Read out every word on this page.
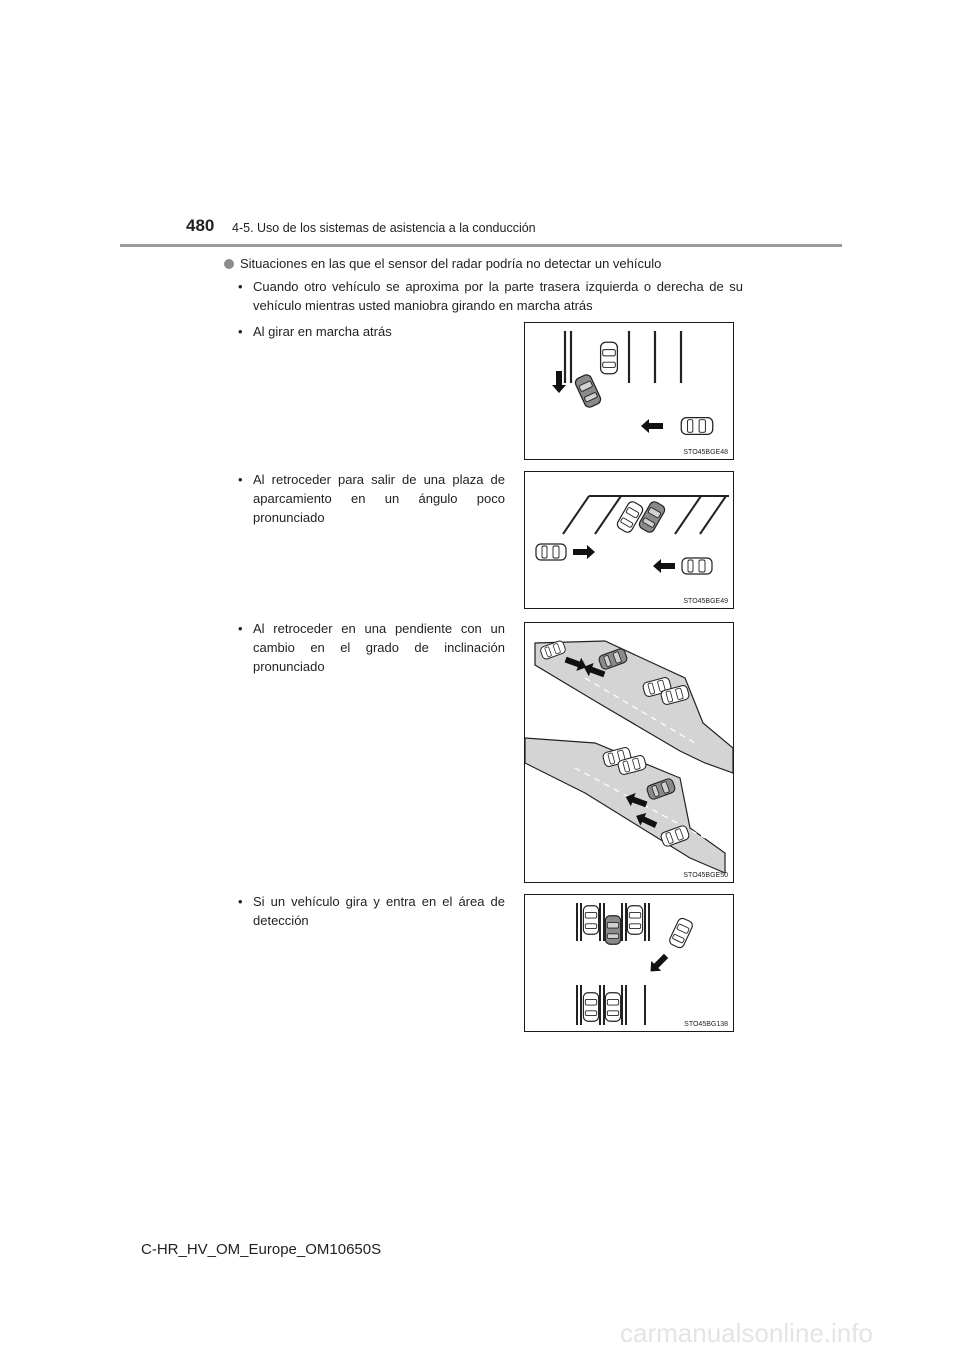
480 4-5. Uso de los sistemas de asistencia a la conducción
Situaciones en las que el sensor del radar podría no detectar un vehículo
• Cuando otro vehículo se aproxima por la parte trasera izquierda o derecha de su vehículo mientras usted maniobra girando en marcha atrás
• Al girar en marcha atrás
• Al retroceder para salir de una plaza de aparcamiento en un ángulo poco pronunciado
• Al retroceder en una pendiente con un cambio en el grado de inclinación pronunciado
• Si un vehículo gira y entra en el área de detección
STO45BGE48
STO45BGE49
STO45BGE50
STO45BG138
C-HR_HV_OM_Europe_OM10650S
carmanualsonline.info
